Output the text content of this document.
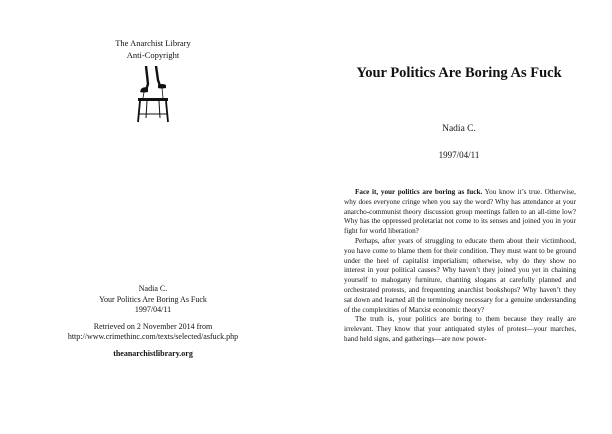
The Anarchist Library
Anti-Copyright
Nadia C.
Your Politics Are Boring As Fuck
1997/04/11
Retrieved on 2 November 2014 from
http://www.crimethinc.com/texts/selected/asfuck.php
theanarchistlibrary.org
Your Politics Are Boring As Fuck
Nadia C.
1997/04/11

Face it, your politics are boring as fuck. You know it’s true. Otherwise, why does everyone cringe when you say the word? Why has attendance at your anarcho-communist theory discussion group meetings fallen to an all-time low? Why has the oppressed proletariat not come to its senses and joined you in your fight for world liberation?

Perhaps, after years of struggling to educate them about their victimhood, you have come to blame them for their condition. They must want to be ground under the heel of capitalist imperialism; otherwise, why do they show no interest in your political causes? Why haven’t they joined you yet in chaining yourself to mahogany furniture, chanting slogans at carefully planned and orchestrated protests, and frequenting anarchist bookshops? Why haven’t they sat down and learned all the terminology necessary for a genuine understanding of the complexities of Marxist economic theory?

The truth is, your politics are boring to them because they really are irrelevant. They know that your antiquated styles of protest—your marches, hand held signs, and gatherings—are now power-
